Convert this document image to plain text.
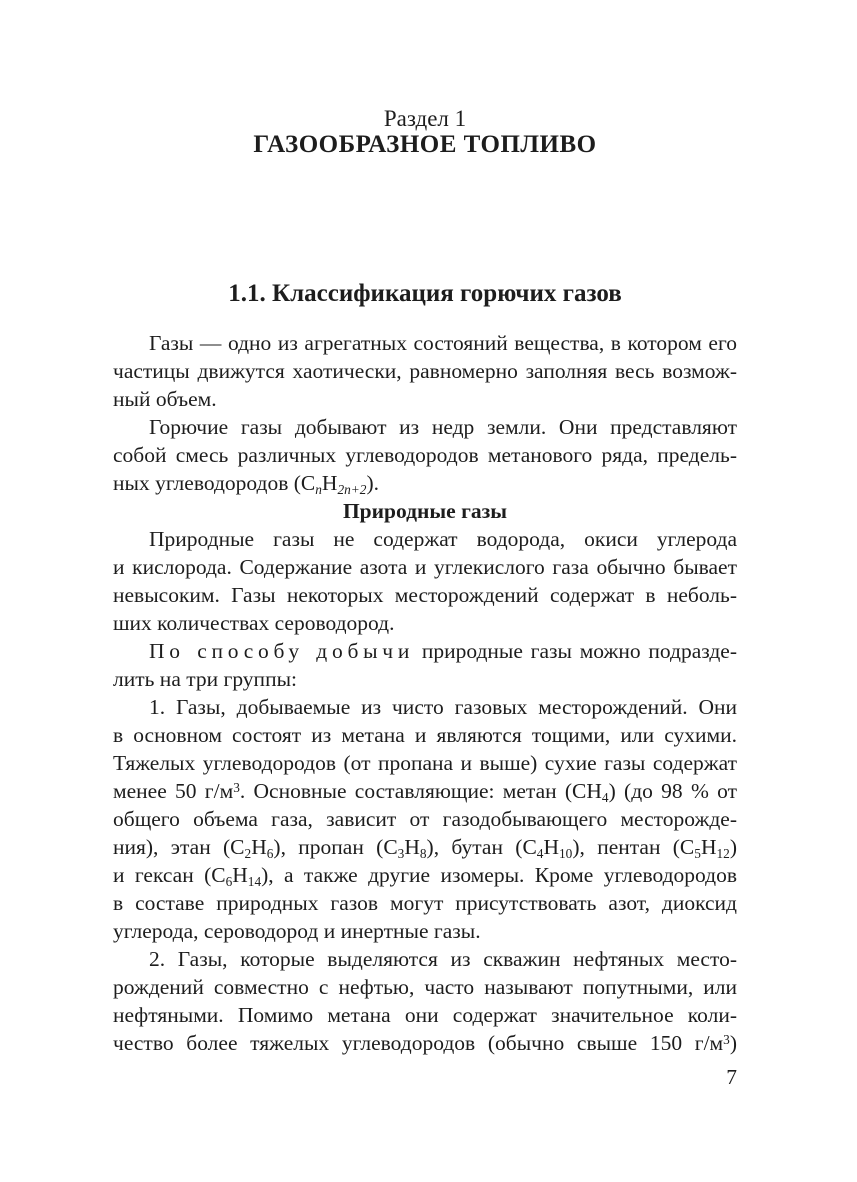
Раздел 1
ГАЗООБРАЗНОЕ ТОПЛИВО
1.1. Классификация горючих газов
Газы — одно из агрегатных состояний вещества, в котором его
частицы движутся хаотически, равномерно заполняя весь возмож-
ный объем.
Горючие газы добывают из недр земли. Они представляют
собой смесь различных углеводородов метанового ряда, предель-
ных углеводородов $(C_nH_{2n+2})$.
Природные газы
Природные газы не содержат водорода, окиси углерода
и кислорода. Содержание азота и углекислого газа обычно бывает
невысоким. Газы некоторых месторождений содержат в неболь-
ших количествах сероводород.
По способу добычи природные газы можно подразде-
лить на три группы:
1. Газы, добываемые из чисто газовых месторождений. Они
в основном состоят из метана и являются тощими, или сухими.
Тяжелых углеводородов (от пропана и выше) сухие газы содержат
менее 50 $г/м^3$. Основные составляющие: метан $(CH_4)$ (до 98 % от
общего объема газа, зависит от газодобывающего месторожде-
ния), этан $(C_2H_6)$, пропан $(C_3H_8)$, бутан $(C_4H_{10})$, пентан $(C_5H_{12})$
и гексан $(C_6H_{14})$, а также другие изомеры. Кроме углеводородов
в составе природных газов могут присутствовать азот, диоксид
углерода, сероводород и инертные газы.
2. Газы, которые выделяются из скважин нефтяных место-
рождений совместно с нефтью, часто называют попутными, или
нефтяными. Помимо метана они содержат значительное коли-
чество более тяжелых углеводородов (обычно свыше 150 $г/м^3$)
7
